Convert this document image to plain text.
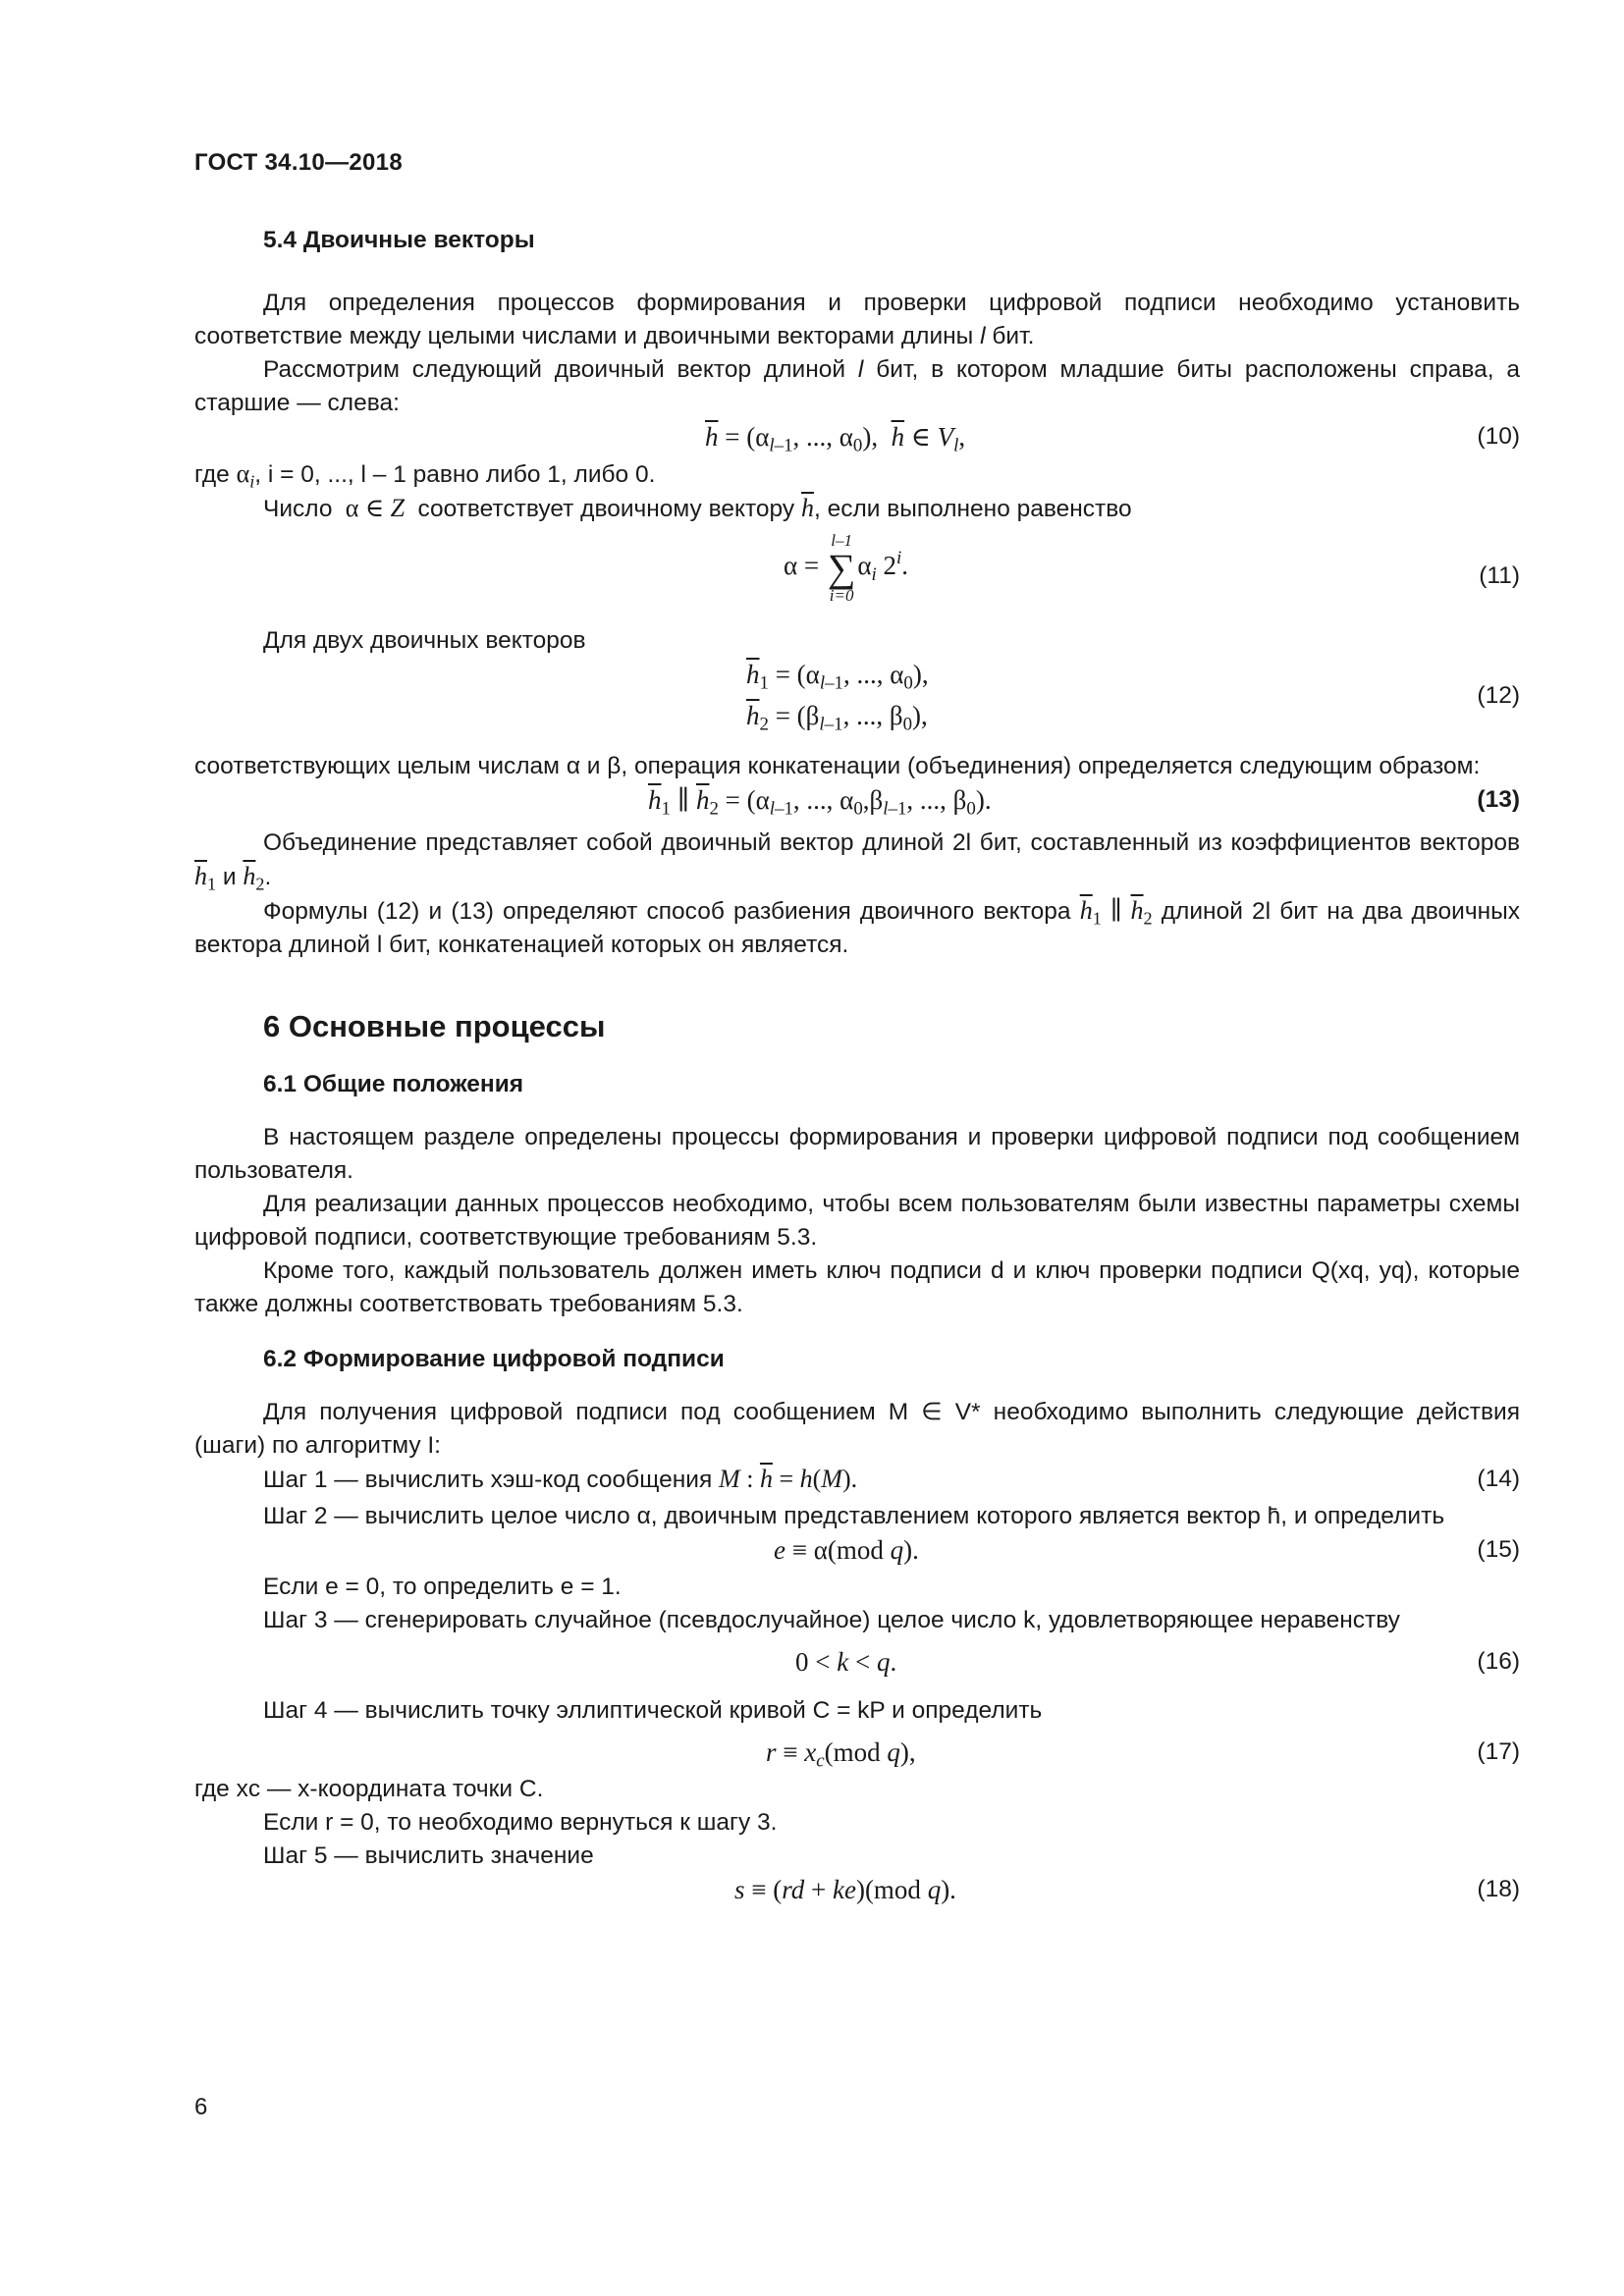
ГОСТ 34.10—2018
5.4 Двоичные векторы

Для определения процессов формирования и проверки цифровой подписи необходимо установить соответствие между целыми числами и двоичными векторами длины l бит.

Рассмотрим следующий двоичный вектор длиной l бит, в котором младшие биты расположены справа, а старшие — слева:

$\overline{h} = (\alpha_{l-1}$, ..., $\alpha_0$),  $\overline{h}$ ∈ $V_l$,	(10)

где $\alpha_i$, i = 0, ..., l – 1 равно либо 1, либо 0.

Число  α ∈ Z соответствует двоичному вектору $\overline{h}$, если выполнено равенство

α =
l–1
∑
i=0
$\alpha_i$ 2$^i$.	(11)

Для двух двоичных векторов

$\overline{h}_1 = (\alpha_{l-1}$, ..., $\alpha_0$),
$\overline{h}_2 = (\beta_{l-1}$, ..., $\beta_0$),
(12)

соответствующих целым числам α и β, операция конкатенации (объединения) определяется следующим образом:

$\overline{h}_1$ ∥ $\overline{h}_2 = (\alpha_{l-1}$, ..., $\alpha_0,\beta_{l-1}$, ..., $\beta_0$).	(13)

Объединение представляет собой двоичный вектор длиной 2l бит, составленный из коэффициентов векторов $\overline{h}_1$ и $\overline{h}_2$.

Формулы (12) и (13) определяют способ разбиения двоичного вектора $\overline{h}_1$ ∥ $\overline{h}_2$ длиной 2l бит на два двоичных вектора длиной l бит, конкатенацией которых он является.

6 Основные процессы
6.1 Общие положения

В настоящем разделе определены процессы формирования и проверки цифровой подписи под сообщением пользователя.

Для реализации данных процессов необходимо, чтобы всем пользователям были известны параметры схемы цифровой подписи, соответствующие требованиям 5.3.

Кроме того, каждый пользователь должен иметь ключ подписи d и ключ проверки подписи Q(xq, yq), которые также должны соответствовать требованиям 5.3.

6.2 Формирование цифровой подписи

Для получения цифровой подписи под сообщением M ∈ V* необходимо выполнить следующие действия (шаги) по алгоритму I:

Шаг 1 — вычислить хэш-код сообщения M : $\overline{h} = h(M)$.	(14)

Шаг 2 — вычислить целое число α, двоичным представлением которого является вектор h̄, и определить

e ≡ α(mod q).	(15)

Если e = 0, то определить e = 1.

Шаг 3 — сгенерировать случайное (псевдослучайное) целое число k, удовлетворяющее неравенству

0 < k < q.	(16)

Шаг 4 — вычислить точку эллиптической кривой C = kP и определить

$r \equiv x_c(mod$ q),	(17)

где xc — x-координата точки C.

Если r = 0, то необходимо вернуться к шагу 3.

Шаг 5 — вычислить значение

s ≡ (rd + ke)(mod q).	(18)
6
